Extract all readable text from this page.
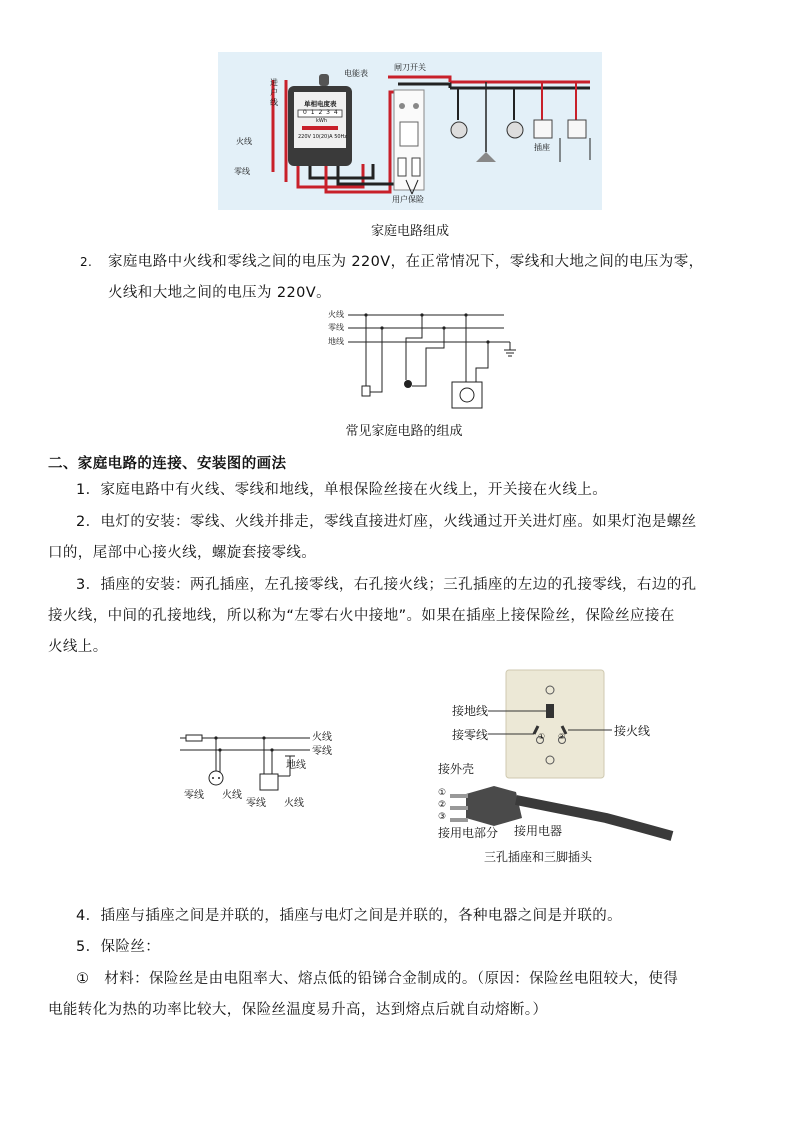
电能表
闸刀开关
进户线
火线
零线
单相电度表
0 1 2 3 4
kWh
220V 10(20)A 50Hz
插座
用户保险
家庭电路组成
2. 家庭电路中火线和零线之间的电压为 220V，在正常情况下，零线和大地之间的电压为零，
火线和大地之间的电压为 220V。
火线
零线
地线
常见家庭电路的组成
二、家庭电路的连接、安装图的画法
1．家庭电路中有火线、零线和地线，单根保险丝接在火线上，开关接在火线上。
2．电灯的安装：零线、火线并排走，零线直接进灯座，火线通过开关进灯座。如果灯泡是螺丝
口的，尾部中心接火线，螺旋套接零线。
3．插座的安装：两孔插座，左孔接零线，右孔接火线；三孔插座的左边的孔接零线，右边的孔
接火线，中间的孔接地线，所以称为“左零右火中接地”。如果在插座上接保险丝，保险丝应接在
火线上。
火线
零线
地线
零线 火线
零线 火线
接地线
接零线	接火线
① ②
接外壳
①
②
③
接用电部分 接用电器
三孔插座和三脚插头
4．插座与插座之间是并联的，插座与电灯之间是并联的，各种电器之间是并联的。
5．保险丝：
①　材料：保险丝是由电阻率大、熔点低的铅锑合金制成的。（原因：保险丝电阻较大，使得
电能转化为热的功率比较大，保险丝温度易升高，达到熔点后就自动熔断。）
